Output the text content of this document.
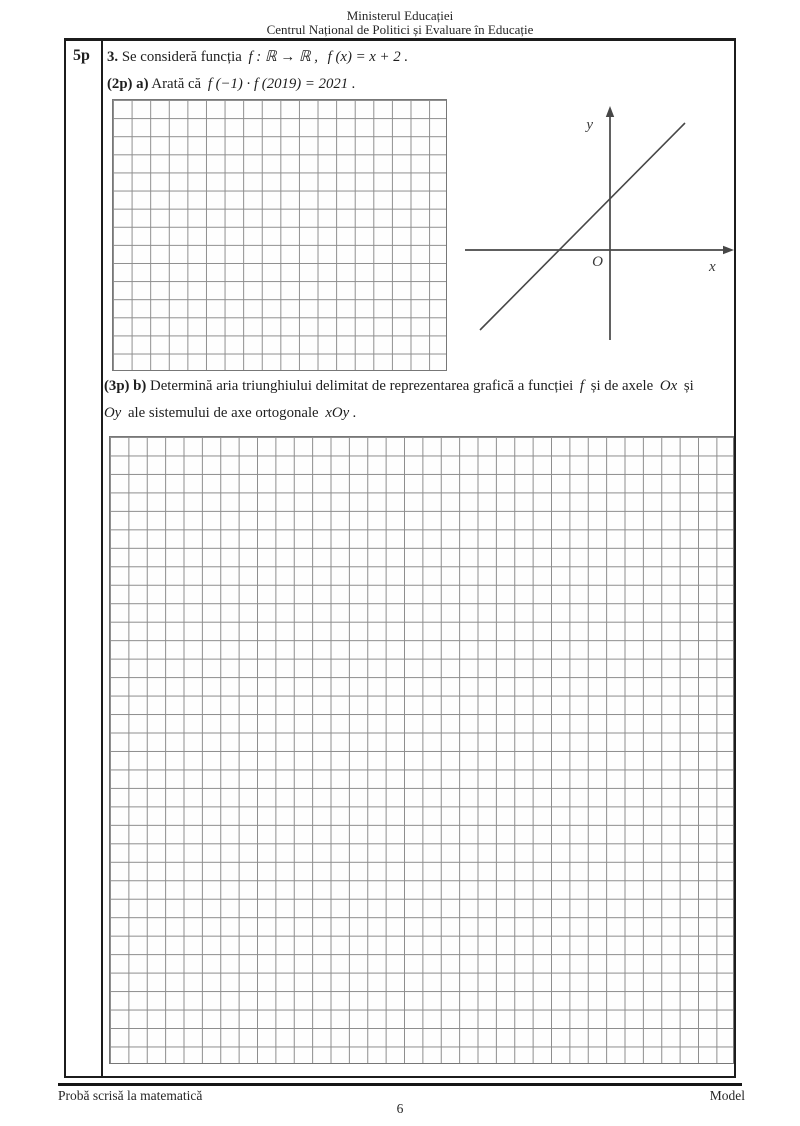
Ministerul Educației
Centrul Național de Politici și Evaluare în Educație
5p 3. Se consideră funcția f : ℝ → ℝ , f (x) = x + 2 .
(2p) a) Arată că f (−1) · f (2019) = 2021 .
y
x
O
(3p) b) Determină aria triunghiului delimitat de reprezentarea grafică a funcției f și de axele Ox și
Oy ale sistemului de axe ortogonale xOy .
Probă scrisă la matematică	Model
6
